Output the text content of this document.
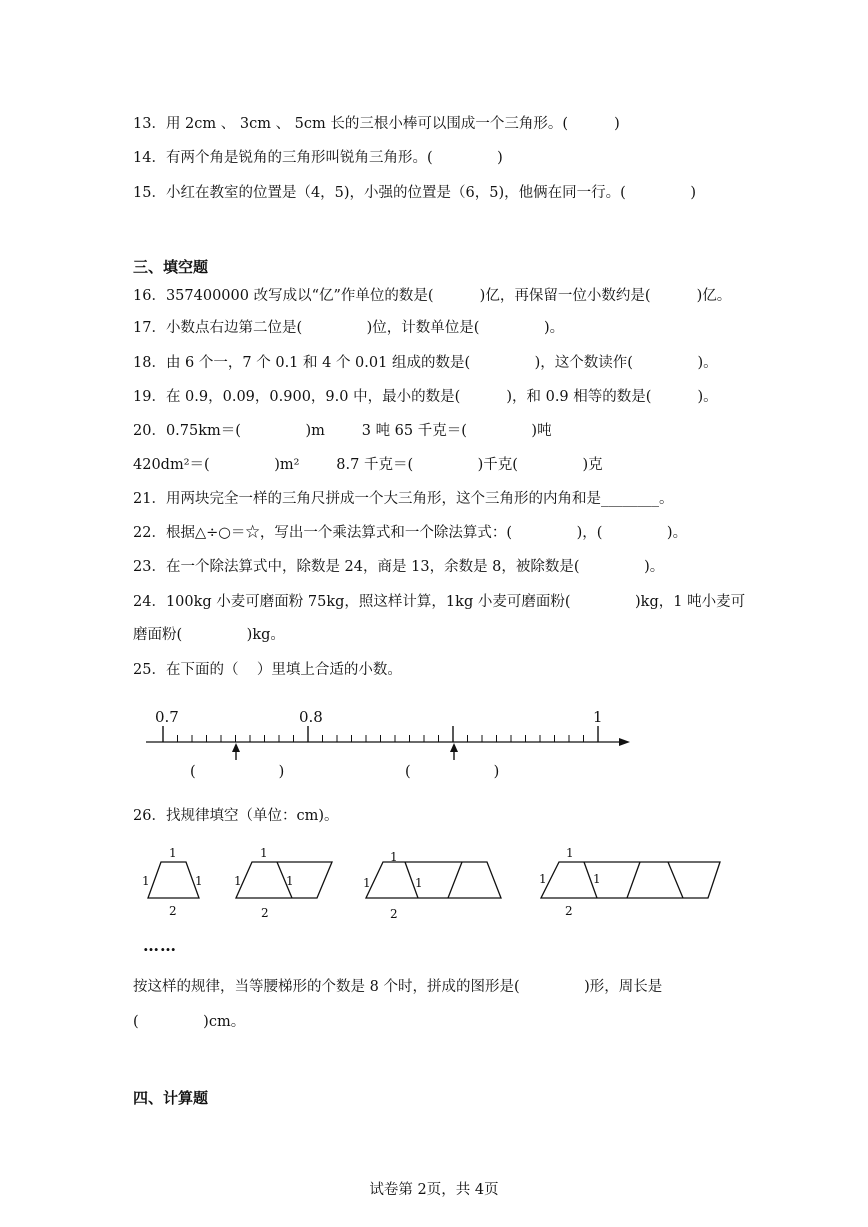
13．用 2cm 、 3cm 、 5cm 长的三根小棒可以围成一个三角形。(          )
14．有两个角是锐角的三角形叫锐角三角形。(              )
15．小红在教室的位置是（4，5)，小强的位置是（6，5)，他俩在同一行。(              )
三、填空题
16．357400000 改写成以“亿”作单位的数是(          )亿，再保留一位小数约是(          )亿。
17．小数点右边第二位是(              )位，计数单位是(              )。
18．由 6 个一，7 个 0.1 和 4 个 0.01 组成的数是(              )，这个数读作(              )。
19．在 0.9，0.09，0.900，9.0 中，最小的数是(          )，和 0.9 相等的数是(          )。
20．0.75km＝(              )m        3 吨 65 千克＝(              )吨
420dm²＝(              )m²        8.7 千克＝(              )千克(              )克
21．用两块完全一样的三角尺拼成一个大三角形，这个三角形的内角和是________。
22．根据△÷○＝☆，写出一个乘法算式和一个除法算式：(              )，(              )。
23．在一个除法算式中，除数是 24，商是 13，余数是 8，被除数是(              )。
24．100kg 小麦可磨面粉 75kg，照这样计算，1kg 小麦可磨面粉(              )kg，1 吨小麦可
磨面粉(              )kg。
25．在下面的（    ）里填上合适的小数。
0.7	0.8	1
(                  )	(                  )
26．找规律填空（单位：cm)。
1
1	1
2
1
1	1
2
1
1	1
2
1
1	1
2
……
按这样的规律，当等腰梯形的个数是 8 个时，拼成的图形是(              )形，周长是
(              )cm。
四、计算题
试卷第 2页，共 4页
